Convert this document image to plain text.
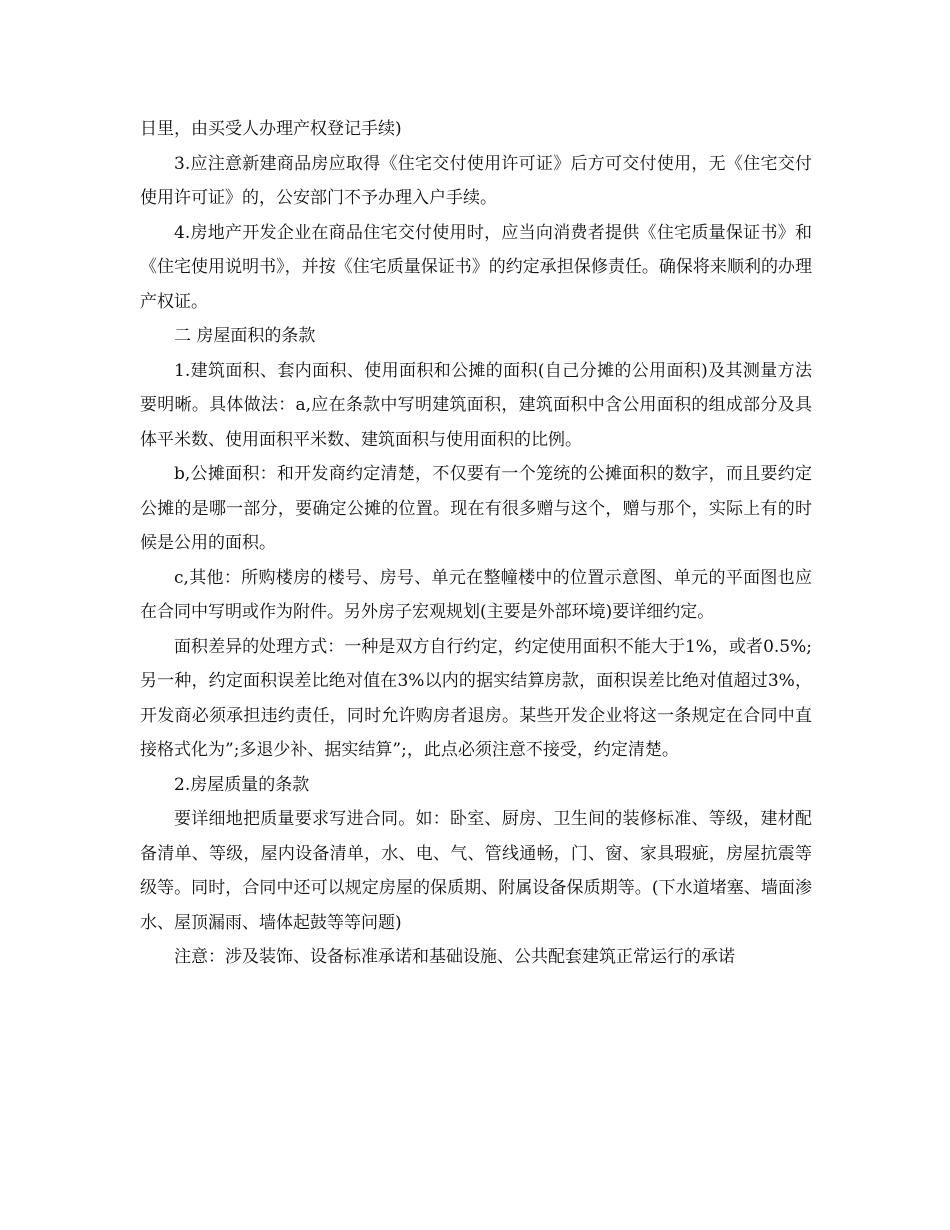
日里，由买受人办理产权登记手续)

3.应注意新建商品房应取得《住宅交付使用许可证》后方可交付使用，无《住宅交付使用许可证》的，公安部门不予办理入户手续。

4.房地产开发企业在商品住宅交付使用时，应当向消费者提供《住宅质量保证书》和《住宅使用说明书》，并按《住宅质量保证书》的约定承担保修责任。确保将来顺利的办理产权证。

二 房屋面积的条款

1.建筑面积、套内面积、使用面积和公摊的面积(自己分摊的公用面积)及其测量方法要明晰。具体做法：a,应在条款中写明建筑面积，建筑面积中含公用面积的组成部分及具体平米数、使用面积平米数、建筑面积与使用面积的比例。

b,公摊面积：和开发商约定清楚，不仅要有一个笼统的公摊面积的数字，而且要约定公摊的是哪一部分，要确定公摊的位置。现在有很多赠与这个，赠与那个，实际上有的时候是公用的面积。

c,其他：所购楼房的楼号、房号、单元在整幢楼中的位置示意图、单元的平面图也应在合同中写明或作为附件。另外房子宏观规划(主要是外部环境)要详细约定。

面积差异的处理方式：一种是双方自行约定，约定使用面积不能大于1%，或者0.5%;另一种，约定面积误差比绝对值在3%以内的据实结算房款，面积误差比绝对值超过3%，开发商必须承担违约责任，同时允许购房者退房。某些开发企业将这一条规定在合同中直接格式化为”;多退少补、据实结算”;，此点必须注意不接受，约定清楚。

2.房屋质量的条款

要详细地把质量要求写进合同。如：卧室、厨房、卫生间的装修标准、等级，建材配备清单、等级，屋内设备清单，水、电、气、管线通畅，门、窗、家具瑕疵，房屋抗震等级等。同时，合同中还可以规定房屋的保质期、附属设备保质期等。(下水道堵塞、墙面渗水、屋顶漏雨、墙体起鼓等等问题)

注意：涉及装饰、设备标准承诺和基础设施、公共配套建筑正常运行的承诺
